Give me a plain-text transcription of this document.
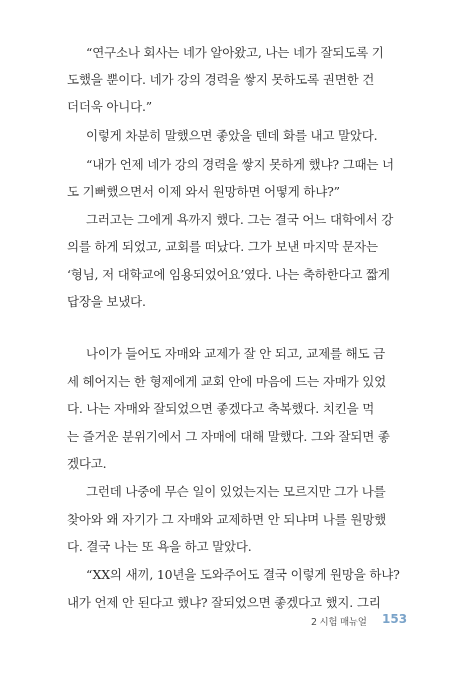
“연구소나 회사는 네가 알아왔고, 나는 네가 잘되도록 기
도했을 뿐이다. 네가 강의 경력을 쌓지 못하도록 권면한 건
더더욱 아니다.”
이렇게 차분히 말했으면 좋았을 텐데 화를 내고 말았다.
“내가 언제 네가 강의 경력을 쌓지 못하게 했냐? 그때는 너
도 기뻐했으면서 이제 와서 원망하면 어떻게 하냐?”
그러고는 그에게 욕까지 했다. 그는 결국 어느 대학에서 강
의를 하게 되었고, 교회를 떠났다. 그가 보낸 마지막 문자는
‘형님, 저 대학교에 임용되었어요’였다. 나는 축하한다고 짧게
답장을 보냈다.
나이가 들어도 자매와 교제가 잘 안 되고, 교제를 해도 금
세 헤어지는 한 형제에게 교회 안에 마음에 드는 자매가 있었
다. 나는 자매와 잘되었으면 좋겠다고 축복했다. 치킨을 먹
는 즐거운 분위기에서 그 자매에 대해 말했다. 그와 잘되면 좋
겠다고.
그런데 나중에 무슨 일이 있었는지는 모르지만 그가 나를
찾아와 왜 자기가 그 자매와 교제하면 안 되냐며 나를 원망했
다. 결국 나는 또 욕을 하고 말았다.
“XX의 새끼, 10년을 도와주어도 결국 이렇게 원망을 하냐?
내가 언제 안 된다고 했냐? 잘되었으면 좋겠다고 했지. 그리
2 시험 매뉴얼 153
